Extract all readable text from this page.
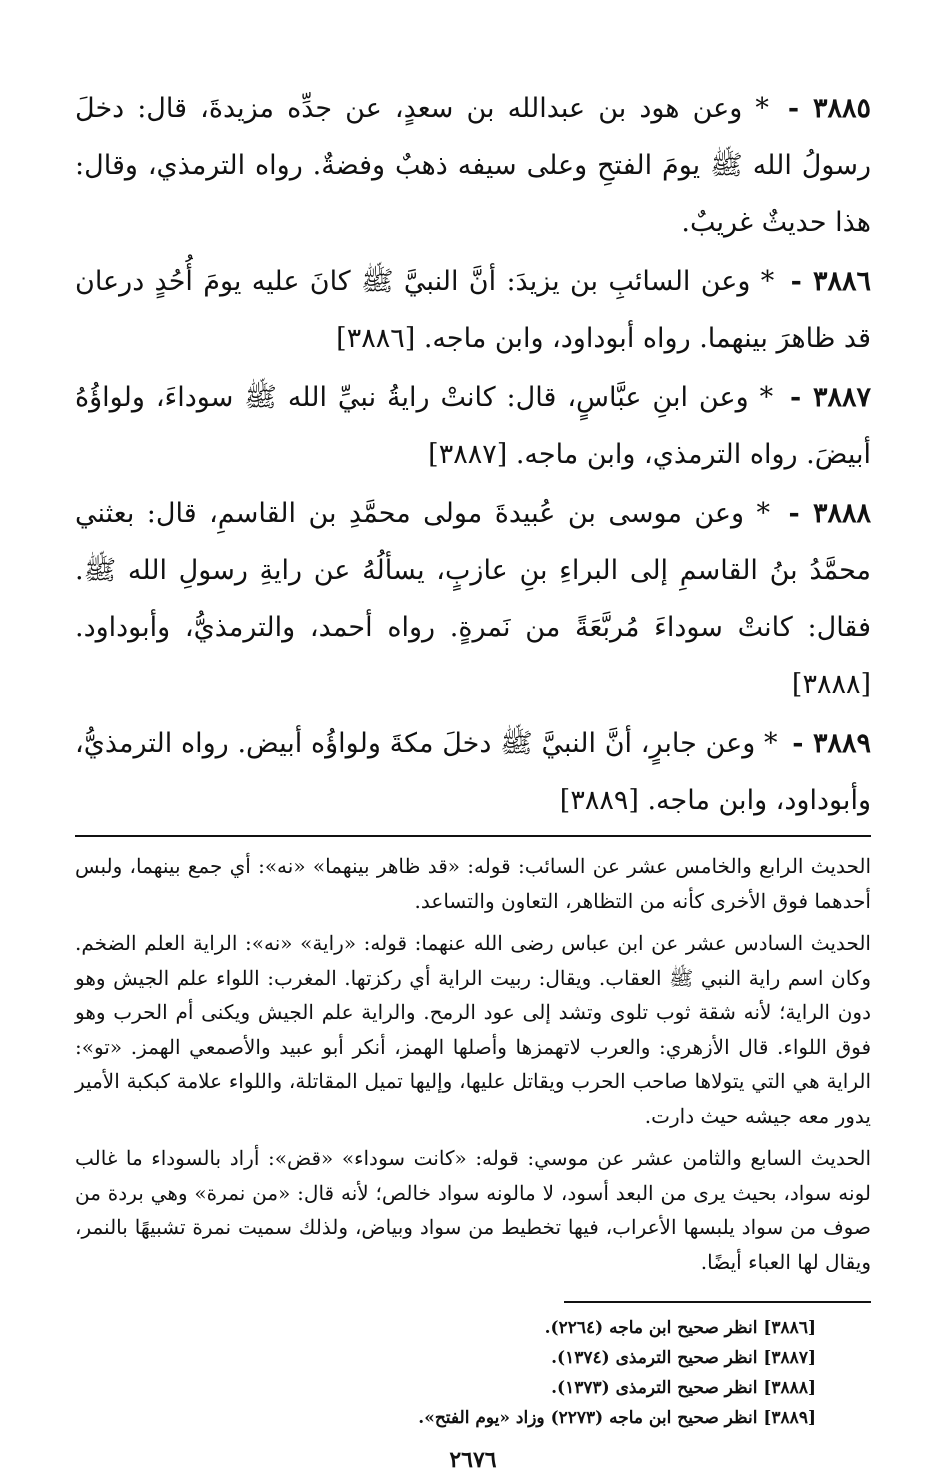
٣٨٨٥ - * وعن هود بن عبدالله بن سعدٍ، عن جدِّه مزيدةَ، قال: دخلَ رسولُ الله ﷺ يومَ الفتحِ وعلى سيفه ذهبٌ وفضةٌ. رواه الترمذي، وقال: هذا حديثٌ غريبٌ.

٣٨٨٦ - * وعن السائبِ بن يزيدَ: أنَّ النبيَّ ﷺ كانَ عليه يومَ أُحُدٍ درعان قد ظاهرَ بينهما. رواه أبوداود، وابن ماجه. [٣٨٨٦]

٣٨٨٧ - * وعن ابنِ عبَّاسٍ، قال: كانتْ رايةُ نبيِّ الله ﷺ سوداءَ، ولواؤُهُ أبيضَ. رواه الترمذي، وابن ماجه. [٣٨٨٧]

٣٨٨٨ - * وعن موسى بن عُبيدةَ مولى محمَّدِ بن القاسمِ، قال: بعثني محمَّدُ بنُ القاسمِ إلى البراءِ بنِ عازبٍ، يسألُهُ عن رايةِ رسولِ الله ﷺ. فقال: كانتْ سوداءَ مُربَّعَةً من نَمرةٍ. رواه أحمد، والترمذيُّ، وأبوداود. [٣٨٨٨]

٣٨٨٩ - * وعن جابرٍ، أنَّ النبيَّ ﷺ دخلَ مكةَ ولواؤُه أبيض. رواه الترمذيُّ، وأبوداود، وابن ماجه. [٣٨٨٩]

الحديث الرابع والخامس عشر عن السائب: قوله: «قد ظاهر بينهما» «نه»: أي جمع بينهما، ولبس أحدهما فوق الأخرى كأنه من التظاهر، التعاون والتساعد.

الحديث السادس عشر عن ابن عباس رضى الله عنهما: قوله: «راية» «نه»: الراية العلم الضخم. وكان اسم راية النبي ﷺ العقاب. ويقال: ربيت الراية أي ركزتها. المغرب: اللواء علم الجيش وهو دون الراية؛ لأنه شقة ثوب تلوى وتشد إلى عود الرمح. والراية علم الجيش ويكنى أم الحرب وهو فوق اللواء. قال الأزهري: والعرب لاتهمزها وأصلها الهمز، أنكر أبو عبيد والأصمعي الهمز. «تو»: الراية هي التي يتولاها صاحب الحرب ويقاتل عليها، وإليها تميل المقاتلة، واللواء علامة كبكبة الأمير يدور معه جيشه حيث دارت.

الحديث السابع والثامن عشر عن موسي: قوله: «كانت سوداء» «قض»: أراد بالسوداء ما غالب لونه سواد، بحيث يرى من البعد أسود، لا مالونه سواد خالص؛ لأنه قال: «من نمرة» وهي بردة من صوف من سواد يلبسها الأعراب، فيها تخطيط من سواد وبياض، ولذلك سميت نمرة تشبيهًا بالنمر، ويقال لها العباء أيضًا.

[٣٨٨٦] انظر صحيح ابن ماجه (٢٢٦٤).
[٣٨٨٧] انظر صحيح الترمذى (١٣٧٤).
[٣٨٨٨] انظر صحيح الترمذى (١٣٧٣).
[٣٨٨٩] انظر صحيح ابن ماجه (٢٢٧٣) وزاد «يوم الفتح».
٢٦٧٦
